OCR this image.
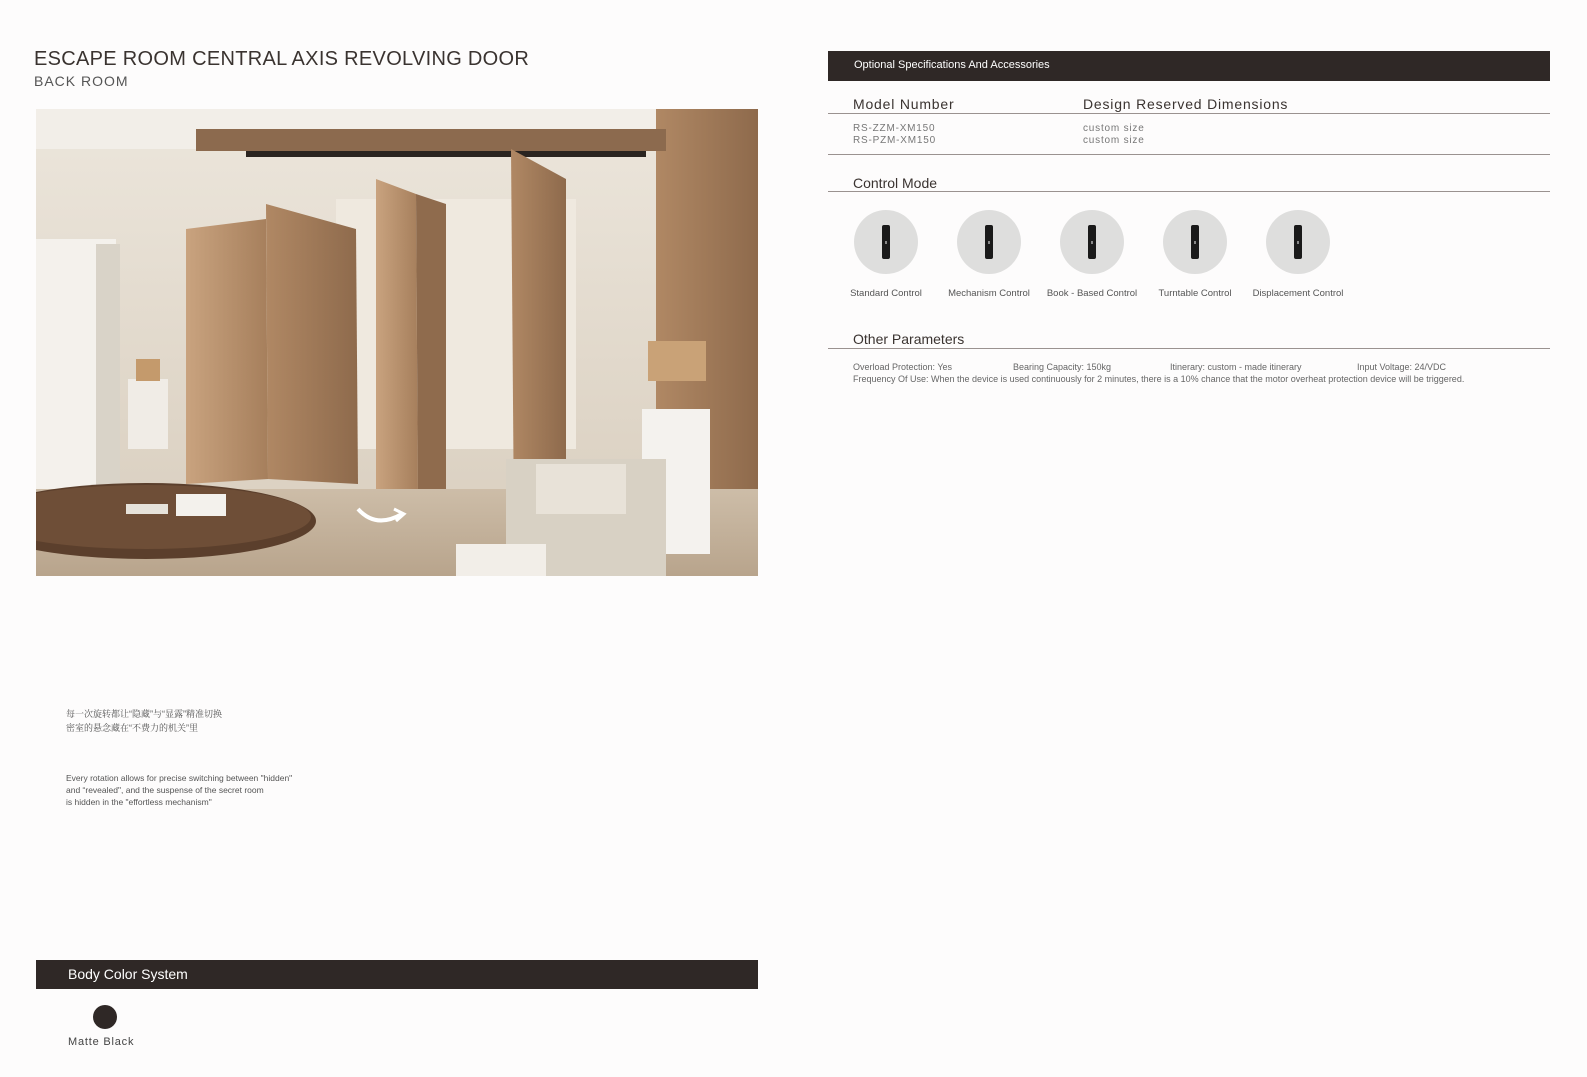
ESCAPE ROOM CENTRAL AXIS REVOLVING DOOR
BACK ROOM
每一次旋转都让“隐藏”与“显露”精准切换
密室的悬念藏在“不费力的机关”里
Every rotation allows for precise switching between "hidden"
and “revealed", and the suspense of the secret room
is hidden in the "effortless mechanism"
Body Color System
Matte Black
Optional Specifications And Accessories
Model Number	Design Reserved Dimensions
RS-ZZM-XM150	custom size
RS-PZM-XM150	custom size
Control Mode
Standard Control	Mechanism Control	Book - Based Control	Turntable Control	Displacement Control
Other Parameters
Overload Protection: Yes	Bearing Capacity: 150kg	Itinerary: custom - made itinerary	Input Voltage: 24/VDC
Frequency Of Use: When the device is used continuously for 2 minutes, there is a 10% chance that the motor overheat protection device will be triggered.
